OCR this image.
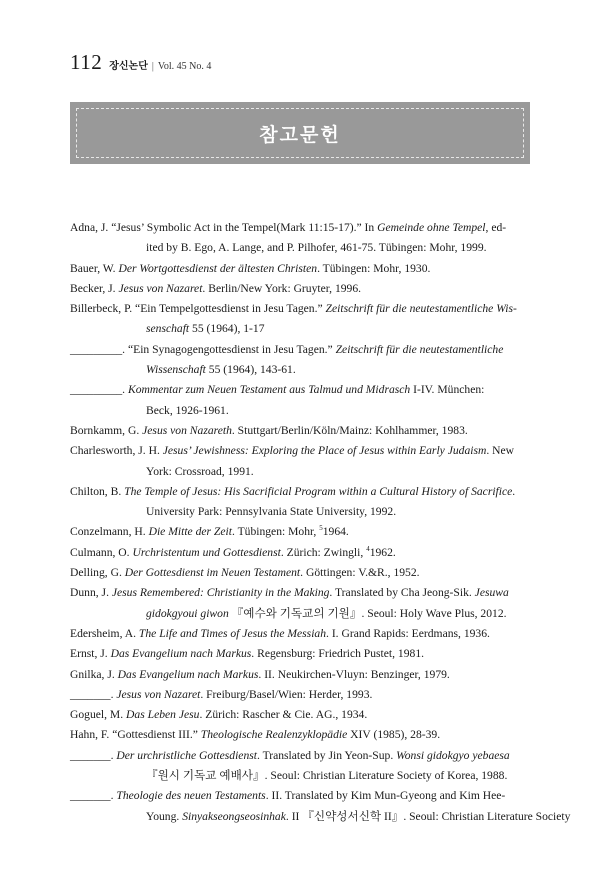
112 장신논단 | Vol. 45 No. 4
참고문헌
Adna, J. “Jesus’ Symbolic Act in the Tempel(Mark 11:15-17).” In Gemeinde ohne Tempel, ed-
ited by B. Ego, A. Lange, and P. Pilhofer, 461-75. Tübingen: Mohr, 1999.
Bauer, W. Der Wortgottesdienst der ältesten Christen. Tübingen: Mohr, 1930.
Becker, J. Jesus von Nazaret. Berlin/New York: Gruyter, 1996.
Billerbeck, P. “Ein Tempelgottesdienst in Jesu Tagen.” Zeitschrift für die neutestamentliche Wis-
senschaft 55 (1964), 1-17
_________. “Ein Synagogengottesdienst in Jesu Tagen.” Zeitschrift für die neutestamentliche
Wissenschaft 55 (1964), 143-61.
_________. Kommentar zum Neuen Testament aus Talmud und Midrasch I-IV. München:
Beck, 1926-1961.
Bornkamm, G. Jesus von Nazareth. Stuttgart/Berlin/Köln/Mainz: Kohlhammer, 1983.
Charlesworth, J. H. Jesus’ Jewishness: Exploring the Place of Jesus within Early Judaism. New
York: Crossroad, 1991.
Chilton, B. The Temple of Jesus: His Sacrificial Program within a Cultural History of Sacrifice.
University Park: Pennsylvania State University, 1992.
Conzelmann, H. Die Mitte der Zeit. Tübingen: Mohr, $^5$1964.
Culmann, O. Urchristentum und Gottesdienst. Zürich: Zwingli, $^4$1962.
Delling, G. Der Gottesdienst im Neuen Testament. Göttingen: V.&R., 1952.
Dunn, J. Jesus Remembered: Christianity in the Making. Translated by Cha Jeong-Sik. Jesuwa
gidokgyoui giwon 『예수와 기독교의 기원』. Seoul: Holy Wave Plus, 2012.
Edersheim, A. The Life and Times of Jesus the Messiah. I. Grand Rapids: Eerdmans, 1936.
Ernst, J. Das Evangelium nach Markus. Regensburg: Friedrich Pustet, 1981.
Gnilka, J. Das Evangelium nach Markus. II. Neukirchen-Vluyn: Benzinger, 1979.
_______. Jesus von Nazaret. Freiburg/Basel/Wien: Herder, 1993.
Goguel, M. Das Leben Jesu. Zürich: Rascher & Cie. AG., 1934.
Hahn, F. “Gottesdienst III.” Theologische Realenzyklopädie XIV (1985), 28-39.
_______. Der urchristliche Gottesdienst. Translated by Jin Yeon-Sup. Wonsi gidokgyo yebaesa
『원시 기독교 예배사』. Seoul: Christian Literature Society of Korea, 1988.
_______. Theologie des neuen Testaments. II. Translated by Kim Mun-Gyeong and Kim Hee-
Young. Sinyakseongseosinhak. II 『신약성서신학 II』. Seoul: Christian Literature Society
